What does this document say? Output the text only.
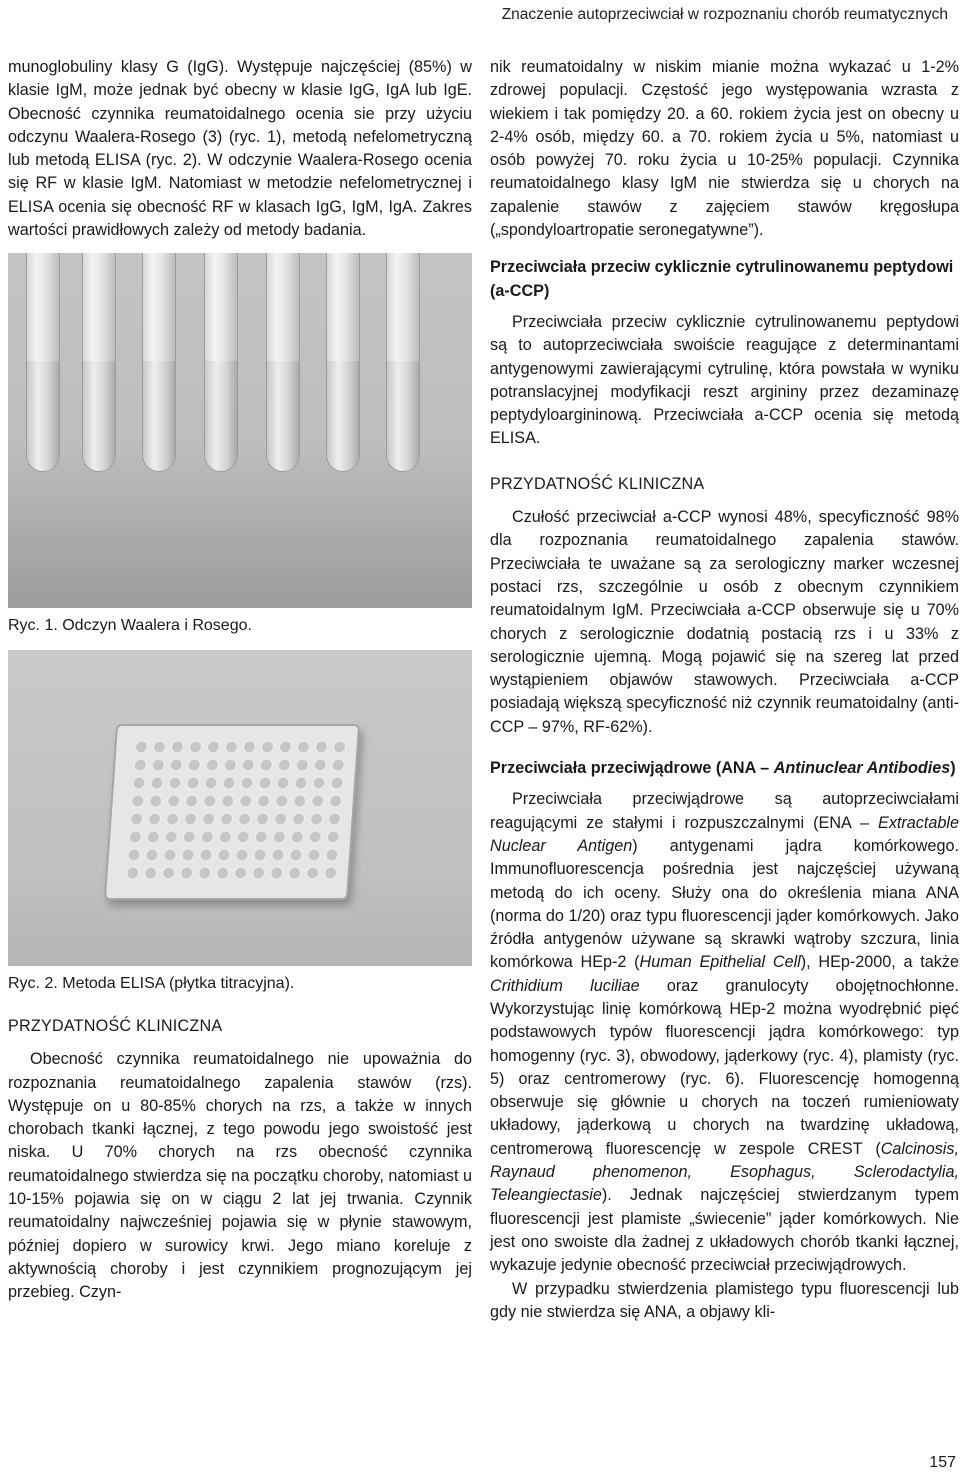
Znaczenie autoprzeciwciał w rozpoznaniu chorób reumatycznych

munoglobuliny klasy G (IgG). Występuje najczęściej (85%) w klasie IgM, może jednak być obecny w klasie IgG, IgA lub IgE. Obecność czynnika reumatoidalnego ocenia sie przy użyciu odczynu Waalera-Rosego (3) (ryc. 1), metodą nefelometryczną lub metodą ELISA (ryc. 2). W odczynie Waalera-Rosego ocenia się RF w klasie IgM. Natomiast w metodzie nefelometrycznej i ELISA ocenia się obecność RF w klasach IgG, IgM, IgA. Zakres wartości prawidłowych zależy od metody badania.

Ryc. 1. Odczyn Waalera i Rosego.

Ryc. 2. Metoda ELISA (płytka titracyjna).

PRZYDATNOŚĆ KLINICZNA

Obecność czynnika reumatoidalnego nie upoważnia do rozpoznania reumatoidalnego zapalenia stawów (rzs). Występuje on u 80-85% chorych na rzs, a także w innych chorobach tkanki łącznej, z tego powodu jego swoistość jest niska. U 70% chorych na rzs obecność czynnika reumatoidalnego stwierdza się na początku choroby, natomiast u 10-15% pojawia się on w ciągu 2 lat jej trwania. Czynnik reumatoidalny najwcześniej pojawia się w płynie stawowym, później dopiero w surowicy krwi. Jego miano koreluje z aktywnością choroby i jest czynnikiem prognozującym jej przebieg. Czyn-

nik reumatoidalny w niskim mianie można wykazać u 1-2% zdrowej populacji. Częstość jego występowania wzrasta z wiekiem i tak pomiędzy 20. a 60. rokiem życia jest on obecny u 2-4% osób, między 60. a 70. rokiem życia u 5%, natomiast u osób powyżej 70. roku życia u 10-25% populacji. Czynnika reumatoidalnego klasy IgM nie stwierdza się u chorych na zapalenie stawów z zajęciem stawów kręgosłupa („spondyloartropatie seronegatywne”).

Przeciwciała przeciw cyklicznie cytrulinowanemu peptydowi (a-CCP)

Przeciwciała przeciw cyklicznie cytrulinowanemu peptydowi są to autoprzeciwciała swoiście reagujące z determinantami antygenowymi zawierającymi cytrulinę, która powstała w wyniku potranslacyjnej modyfikacji reszt argininy przez dezaminazę peptydyloargininową. Przeciwciała a-CCP ocenia się metodą ELISA.

PRZYDATNOŚĆ KLINICZNA

Czułość przeciwciał a-CCP wynosi 48%, specyficzność 98% dla rozpoznania reumatoidalnego zapalenia stawów. Przeciwciała te uważane są za serologiczny marker wczesnej postaci rzs, szczególnie u osób z obecnym czynnikiem reumatoidalnym IgM. Przeciwciała a-CCP obserwuje się u 70% chorych z serologicznie dodatnią postacią rzs i u 33% z serologicznie ujemną. Mogą pojawić się na szereg lat przed wystąpieniem objawów stawowych. Przeciwciała a-CCP posiadają większą specyficzność niż czynnik reumatoidalny (anti-CCP – 97%, RF-62%).

Przeciwciała przeciwjądrowe (ANA – Antinuclear Antibodies)

Przeciwciała przeciwjądrowe są autoprzeciwciałami reagującymi ze stałymi i rozpuszczalnymi (ENA – Extractable Nuclear Antigen) antygenami jądra komórkowego. Immunofluorescencja pośrednia jest najczęściej używaną metodą do ich oceny. Służy ona do określenia miana ANA (norma do 1/20) oraz typu fluorescencji jąder komórkowych. Jako źródła antygenów używane są skrawki wątroby szczura, linia komórkowa HEp-2 (Human Epithelial Cell), HEp-2000, a także Crithidium luciliae oraz granulocyty obojętnochłonne. Wykorzystując linię komórkową HEp-2 można wyodrębnić pięć podstawowych typów fluorescencji jądra komórkowego: typ homogenny (ryc. 3), obwodowy, jąderkowy (ryc. 4), plamisty (ryc. 5) oraz centromerowy (ryc. 6). Fluorescencję homogenną obserwuje się głównie u chorych na toczeń rumieniowaty układowy, jąderkową u chorych na twardzinę układową, centromerową fluorescencję w zespole CREST (Calcinosis, Raynaud phenomenon, Esophagus, Sclerodactylia, Teleangiectasie). Jednak najczęściej stwierdzanym typem fluorescencji jest plamiste „świecenie” jąder komórkowych. Nie jest ono swoiste dla żadnej z układowych chorób tkanki łącznej, wykazuje jedynie obecność przeciwciał przeciwjądrowych.

W przypadku stwierdzenia plamistego typu fluorescencji lub gdy nie stwierdza się ANA, a objawy kli-

157
